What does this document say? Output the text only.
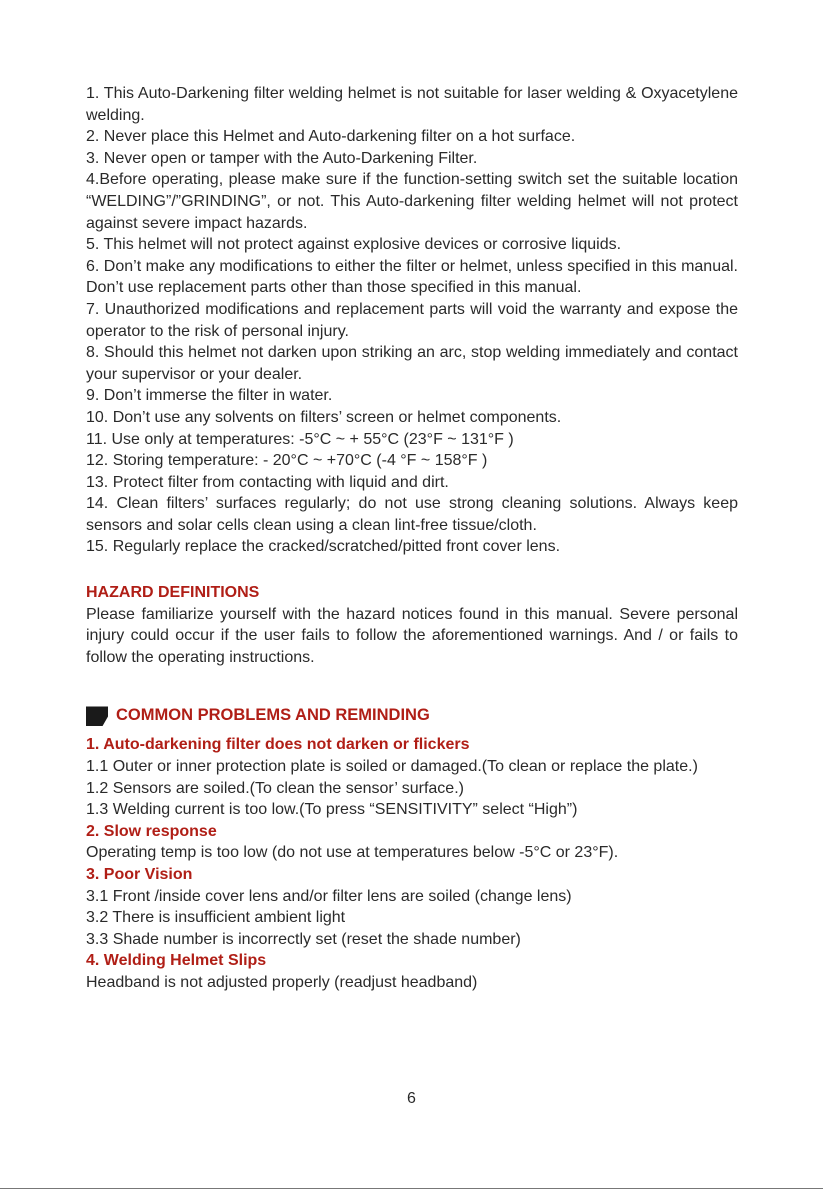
1. This Auto-Darkening filter welding helmet is not suitable for laser welding & Oxyacetylene welding.

2. Never place this Helmet and Auto-darkening filter on a hot surface.

3. Never open or tamper with the Auto-Darkening Filter.

4.Before operating, please make sure if the function-setting switch set the suitable location “WELDING”/”GRINDING”, or not. This Auto-darkening filter welding helmet will not protect against severe impact hazards.

5. This helmet will not protect against explosive devices or corrosive liquids.

6. Don’t make any modifications to either the filter or helmet, unless specified in this manual. Don’t use replacement parts other than those specified in this manual.

7. Unauthorized modifications and replacement parts will void the warranty and expose the operator to the risk of personal injury.

8. Should this helmet not darken upon striking an arc, stop welding immediately and contact your supervisor or your dealer.

9. Don’t immerse the filter in water.

10. Don’t use any solvents on filters’ screen or helmet components.

11. Use only at temperatures: -5°C ~ + 55°C (23°F ~ 131°F )

12. Storing temperature: - 20°C ~ +70°C (-4 °F ~ 158°F )

13. Protect filter from contacting with liquid and dirt.

14. Clean filters’ surfaces regularly; do not use strong cleaning solutions. Always keep sensors and solar cells clean using a clean lint-free tissue/cloth.

15. Regularly replace the cracked/scratched/pitted front cover lens.

HAZARD DEFINITIONS

Please familiarize yourself with the hazard notices found in this manual. Severe personal injury could occur if the user fails to follow the aforementioned warnings. And / or fails to follow the operating instructions.

COMMON PROBLEMS AND REMINDING
1. Auto-darkening filter does not darken or flickers

1.1 Outer or inner protection plate is soiled or damaged.(To clean or replace the plate.)

1.2 Sensors are soiled.(To clean the sensor’ surface.)

1.3 Welding current is too low.(To press “SENSITIVITY” select “High”)

2. Slow response

Operating temp is too low (do not use at temperatures below -5°C or 23°F).

3. Poor Vision

3.1 Front /inside cover lens and/or filter lens are soiled (change lens)

3.2 There is insufficient ambient light

3.3 Shade number is incorrectly set (reset the shade number)

4. Welding Helmet Slips

Headband is not adjusted properly (readjust headband)

6
